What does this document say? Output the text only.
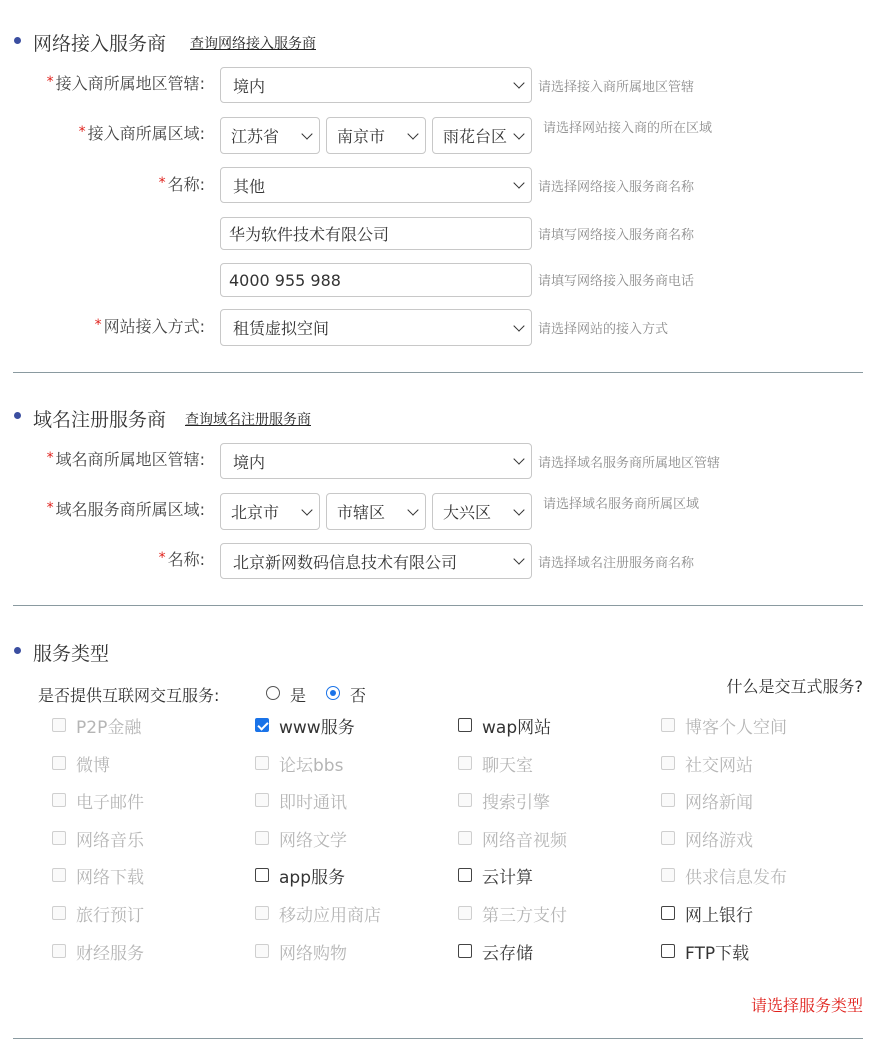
网络接入服务商 查询网络接入服务商
* 接入商所属地区管辖: 境内	请选择接入商所属地区管辖
* 接入商所属区域: 江苏省	南京市	雨花台区	请选择网站接入商的所在区域
* 名称: 其他	请选择网络接入服务商名称
华为软件技术有限公司	请填写网络接入服务商名称
4000 955 988	请填写网络接入服务商电话
* 网站接入方式: 租赁虚拟空间	请选择网站的接入方式
域名注册服务商 查询域名注册服务商
* 域名商所属地区管辖: 境内	请选择域名服务商所属地区管辖
* 域名服务商所属区域: 北京市	市辖区	大兴区	请选择域名服务商所属区域
* 名称: 北京新网数码信息技术有限公司	请选择域名注册服务商名称
服务类型
是否提供互联网交互服务:	是	否	什么是交互式服务?
P2P金融	www服务	wap网站	博客个人空间
微博	论坛bbs	聊天室	社交网站
电子邮件	即时通讯	搜索引擎	网络新闻
网络音乐	网络文学	网络音视频	网络游戏
网络下载	app服务	云计算	供求信息发布
旅行预订	移动应用商店	第三方支付	网上银行
财经服务	网络购物	云存储	FTP下载
请选择服务类型
